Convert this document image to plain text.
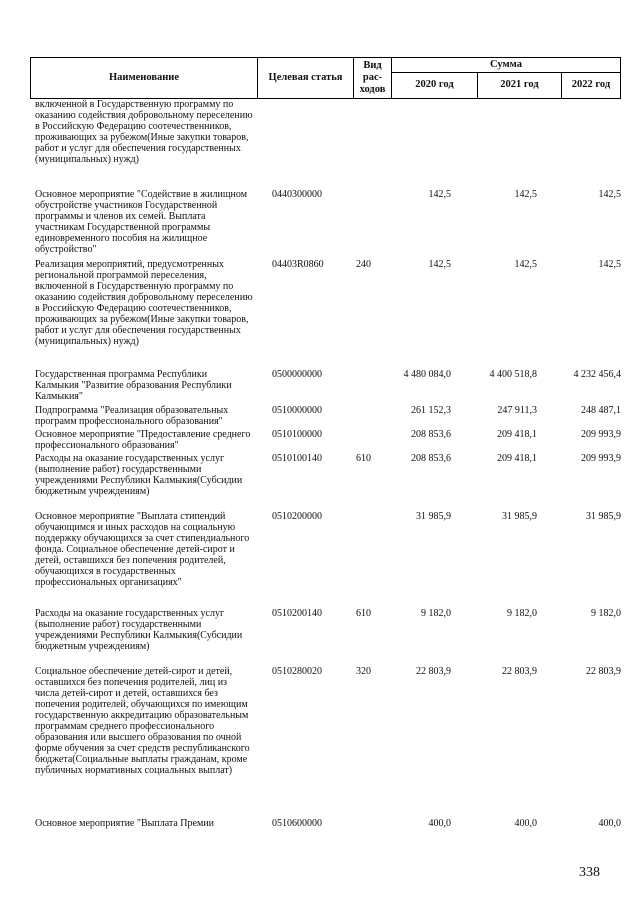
Наименование	Целевая статья
Вид рас-ходов
Сумма
2020 год	2021 год	2022 год
включенной в Государственную программу по оказанию содействия добровольному переселению в Российскую Федерацию соотечественников, проживающих за рубежом(Иные закупки товаров, работ и услуг для обеспечения государственных (муниципальных) нужд)
Основное мероприятие "Содействие в жилищном обустройстве участников Государственной программы и членов их семей. Выплата участникам Государственной программы единовременного пособия на жилищное обустройство"
0440300000	142,5	142,5	142,5
Реализация мероприятий, предусмотренных региональной программой переселения, включенной в Государственную программу по оказанию содействия добровольному переселению в Российскую Федерацию соотечественников, проживающих за рубежом(Иные закупки товаров, работ и услуг для обеспечения государственных (муниципальных) нужд)
04403R0860	240	142,5	142,5	142,5
Государственная программа Республики Калмыкия "Развитие образования Республики Калмыкия"
0500000000	4 480 084,0	4 400 518,8	4 232 456,4
Подпрограмма "Реализация образовательных программ профессионального образования"
0510000000	261 152,3	247 911,3	248 487,1
Основное мероприятие "Предоставление среднего профессионального образования"
0510100000	208 853,6	209 418,1	209 993,9
Расходы на оказание государственных услуг (выполнение работ) государственными учреждениями Республики Калмыкия(Субсидии бюджетным учреждениям)
0510100140	610	208 853,6	209 418,1	209 993,9
Основное мероприятие "Выплата стипендий обучающимся и иных расходов на социальную поддержку обучающихся за счет стипендиального фонда. Социальное обеспечение детей-сирот и детей, оставшихся без попечения родителей, обучающихся в государственных профессиональных организациях"
0510200000	31 985,9	31 985,9	31 985,9
Расходы на оказание государственных услуг (выполнение работ) государственными учреждениями Республики Калмыкия(Субсидии бюджетным учреждениям)
0510200140	610	9 182,0	9 182,0	9 182,0
Социальное обеспечение детей-сирот и детей, оставшихся без попечения родителей, лиц из числа детей-сирот и детей, оставшихся без попечения родителей, обучающихся по имеющим государственную аккредитацию образовательным программам среднего профессионального образования или высшего образования по очной форме обучения за счет средств республиканского бюджета(Социальные выплаты гражданам, кроме публичных нормативных социальных выплат)
0510280020	320	22 803,9	22 803,9	22 803,9
Основное мероприятие "Выплата Премии	0510600000	400,0	400,0	400,0
338
